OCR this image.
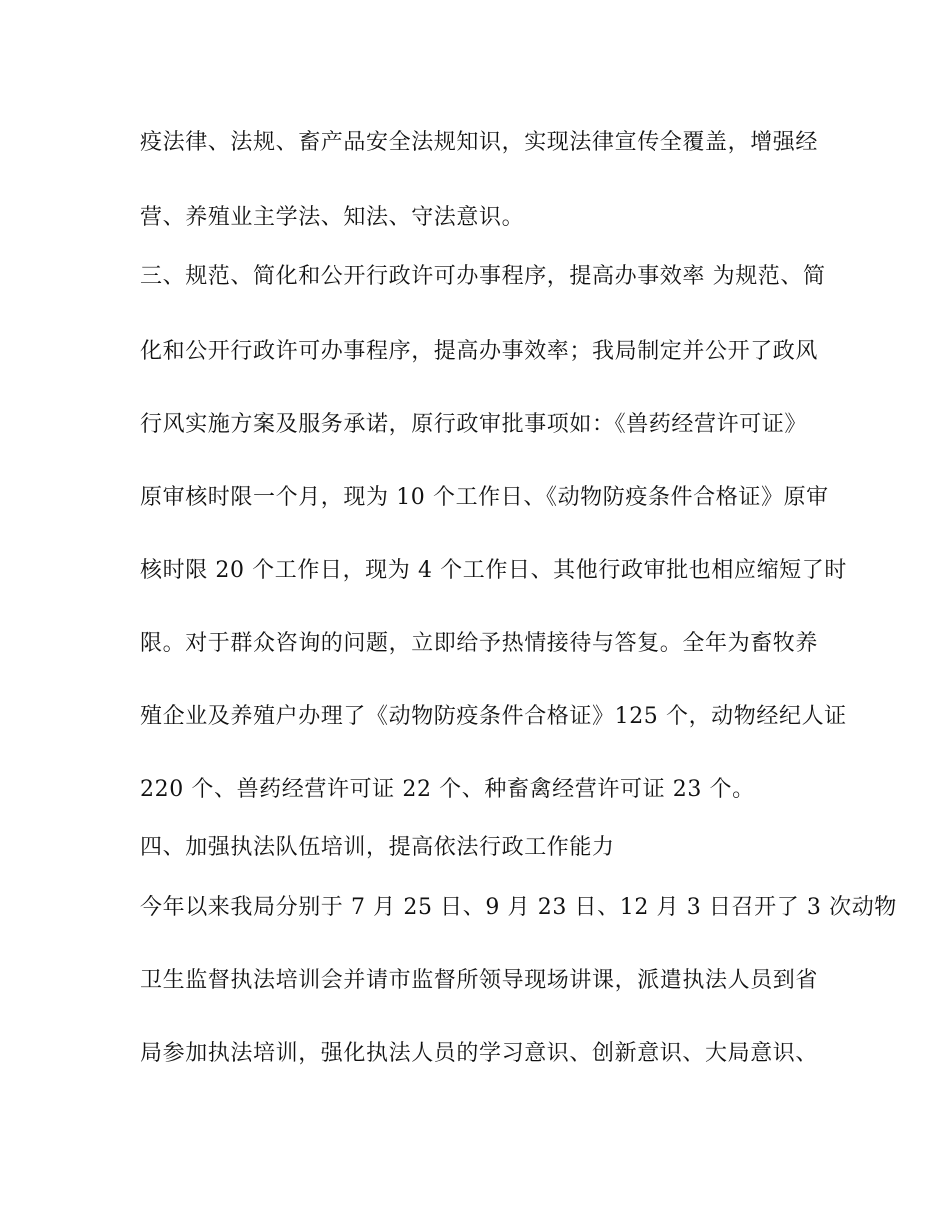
疫法律、法规、畜产品安全法规知识，实现法律宣传全覆盖，增强经
营、养殖业主学法、知法、守法意识。
三、规范、简化和公开行政许可办事程序，提高办事效率 为规范、简
化和公开行政许可办事程序，提高办事效率；我局制定并公开了政风
行风实施方案及服务承诺，原行政审批事项如：《兽药经营许可证》
原审核时限一个月，现为 10 个工作日、《动物防疫条件合格证》原审
核时限 20 个工作日，现为 4 个工作日、其他行政审批也相应缩短了时
限。对于群众咨询的问题，立即给予热情接待与答复。全年为畜牧养
殖企业及养殖户办理了《动物防疫条件合格证》125 个，动物经纪人证
220 个、兽药经营许可证 22 个、种畜禽经营许可证 23 个。
四、加强执法队伍培训，提高依法行政工作能力
今年以来我局分别于 7 月 25 日、9 月 23 日、12 月 3 日召开了 3 次动物
卫生监督执法培训会并请市监督所领导现场讲课，派遣执法人员到省
局参加执法培训，强化执法人员的学习意识、创新意识、大局意识、
